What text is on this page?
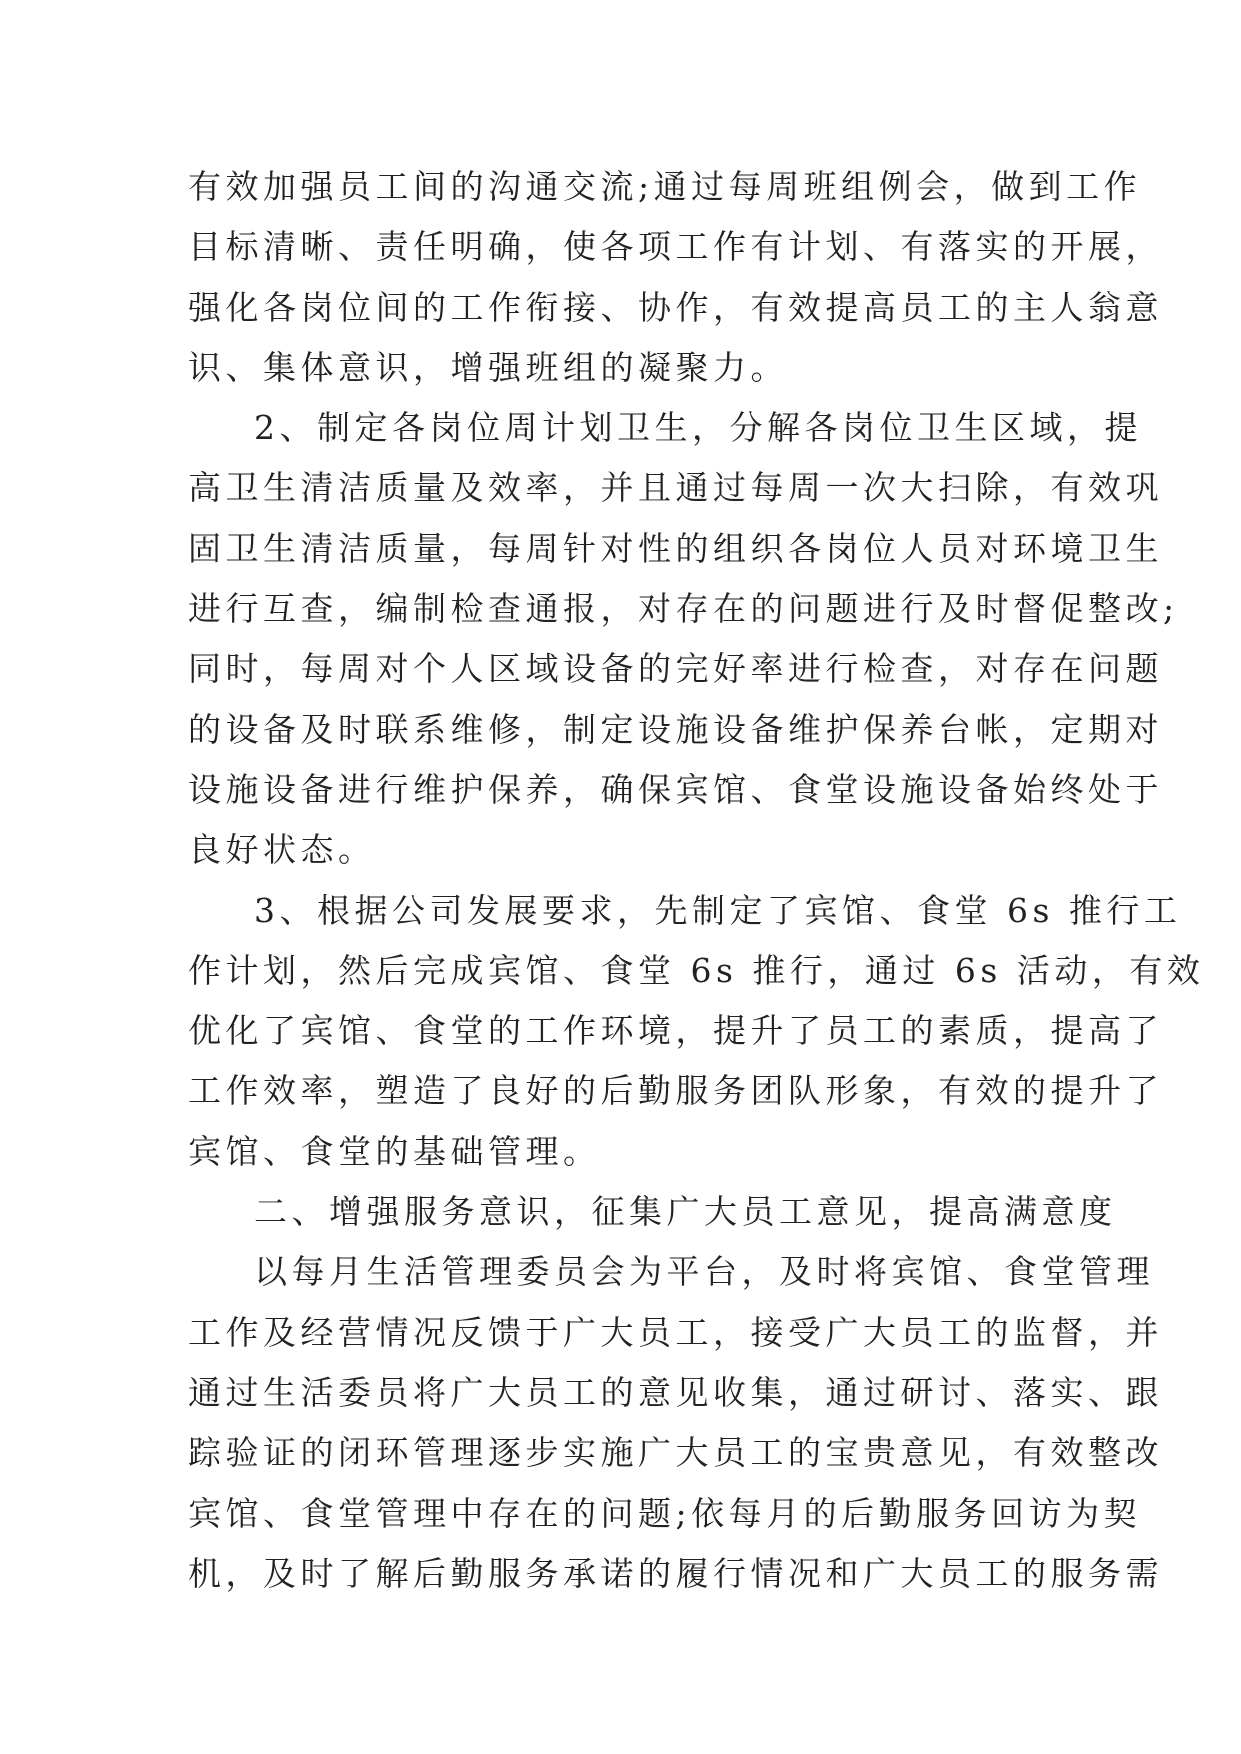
有效加强员工间的沟通交流;通过每周班组例会，做到工作
目标清晰、责任明确，使各项工作有计划、有落实的开展，
强化各岗位间的工作衔接、协作，有效提高员工的主人翁意
识、集体意识，增强班组的凝聚力。
2、制定各岗位周计划卫生，分解各岗位卫生区域，提
高卫生清洁质量及效率，并且通过每周一次大扫除，有效巩
固卫生清洁质量，每周针对性的组织各岗位人员对环境卫生
进行互查，编制检查通报，对存在的问题进行及时督促整改;
同时，每周对个人区域设备的完好率进行检查，对存在问题
的设备及时联系维修，制定设施设备维护保养台帐，定期对
设施设备进行维护保养，确保宾馆、食堂设施设备始终处于
良好状态。
3、根据公司发展要求，先制定了宾馆、食堂 6s 推行工
作计划，然后完成宾馆、食堂 6s 推行，通过 6s 活动，有效
优化了宾馆、食堂的工作环境，提升了员工的素质，提高了
工作效率，塑造了良好的后勤服务团队形象，有效的提升了
宾馆、食堂的基础管理。
二、增强服务意识，征集广大员工意见，提高满意度
以每月生活管理委员会为平台，及时将宾馆、食堂管理
工作及经营情况反馈于广大员工，接受广大员工的监督，并
通过生活委员将广大员工的意见收集，通过研讨、落实、跟
踪验证的闭环管理逐步实施广大员工的宝贵意见，有效整改
宾馆、食堂管理中存在的问题;依每月的后勤服务回访为契
机，及时了解后勤服务承诺的履行情况和广大员工的服务需
